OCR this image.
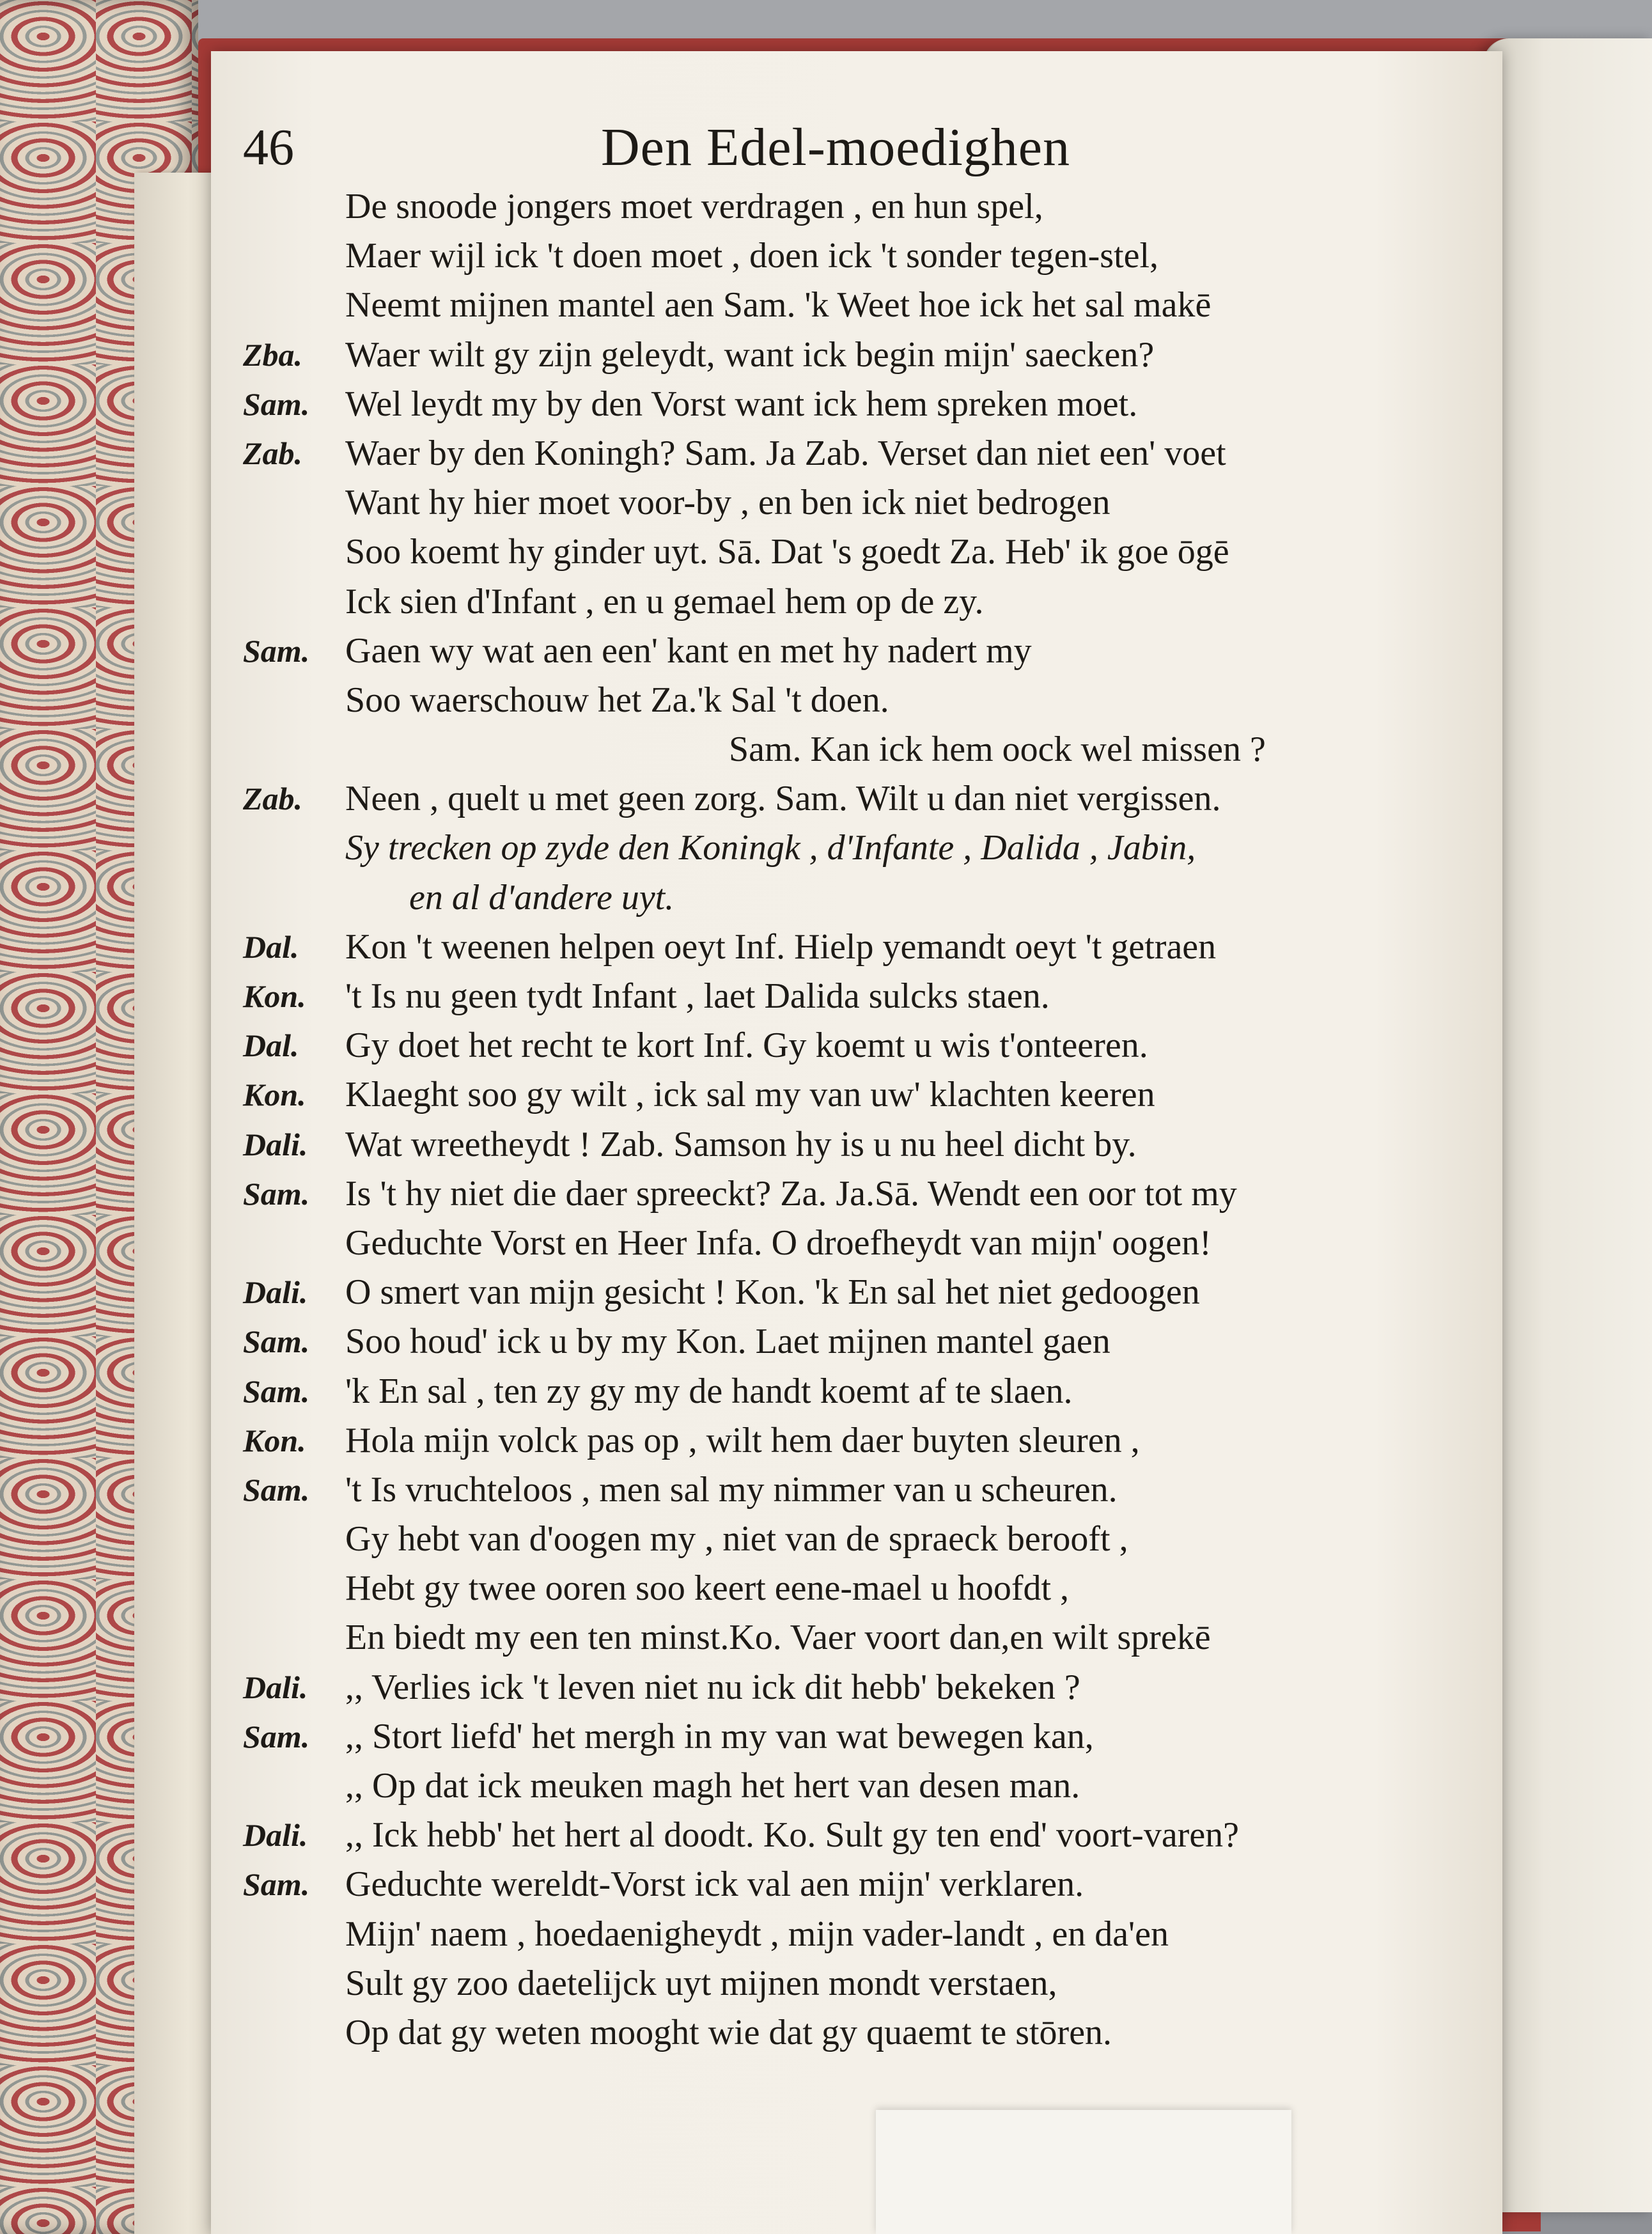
46	Den Edel-moedighen
De snoode jongers moet verdragen , en hun spel,
Maer wijl ick 't doen moet , doen ick 't sonder tegen-stel,
Neemt mijnen mantel aen Sam. 'k Weet hoe ick het sal makē
Zba. Waer wilt gy zijn geleydt, want ick begin mijn' saecken?
Sam. Wel leydt my by den Vorst want ick hem spreken moet.
Zab. Waer by den Koningh? Sam. Ja Zab. Verset dan niet een' voet
Want hy hier moet voor-by , en ben ick niet bedrogen
Soo koemt hy ginder uyt. Sā. Dat 's goedt Za. Heb' ik goe ōgē
Ick sien d'Infant , en u gemael hem op de zy.
Sam. Gaen wy wat aen een' kant en met hy nadert my
Soo waerschouw het Za.'k Sal 't doen.
Sam. Kan ick hem oock wel missen ?
Zab. Neen , quelt u met geen zorg. Sam. Wilt u dan niet vergissen.
Sy trecken op zyde den Koningk , d'Infante , Dalida , Jabin,
en al d'andere uyt.
Dal. Kon 't weenen helpen oeyt Inf. Hielp yemandt oeyt 't getraen
Kon. 't Is nu geen tydt Infant , laet Dalida sulcks staen.
Dal. Gy doet het recht te kort Inf. Gy koemt u wis t'onteeren.
Kon. Klaeght soo gy wilt , ick sal my van uw' klachten keeren
Dali. Wat wreetheydt ! Zab. Samson hy is u nu heel dicht by.
Sam. Is 't hy niet die daer spreeckt? Za. Ja.Sā. Wendt een oor tot my
Geduchte Vorst en Heer Infa. O droefheydt van mijn' oogen!
Dali. O smert van mijn gesicht ! Kon. 'k En sal het niet gedoogen
Sam. Soo houd' ick u by my Kon. Laet mijnen mantel gaen
Sam. 'k En sal , ten zy gy my de handt koemt af te slaen.
Kon. Hola mijn volck pas op , wilt hem daer buyten sleuren ,
Sam. 't Is vruchteloos , men sal my nimmer van u scheuren.
Gy hebt van d'oogen my , niet van de spraeck berooft ,
Hebt gy twee ooren soo keert eene-mael u hoofdt ,
En biedt my een ten minst.Ko. Vaer voort dan,en wilt sprekē
Dali. ,, Verlies ick 't leven niet nu ick dit hebb' bekeken ?
Sam. ,, Stort liefd' het mergh in my van wat bewegen kan,
,, Op dat ick meuken magh het hert van desen man.
Dali. ,, Ick hebb' het hert al doodt. Ko. Sult gy ten end' voort-varen?
Sam. Geduchte wereldt-Vorst ick val aen mijn' verklaren.
Mijn' naem , hoedaenigheydt , mijn vader-landt , en da'en
Sult gy zoo daetelijck uyt mijnen mondt verstaen,
Op dat gy weten mooght wie dat gy quaemt te stōren.
